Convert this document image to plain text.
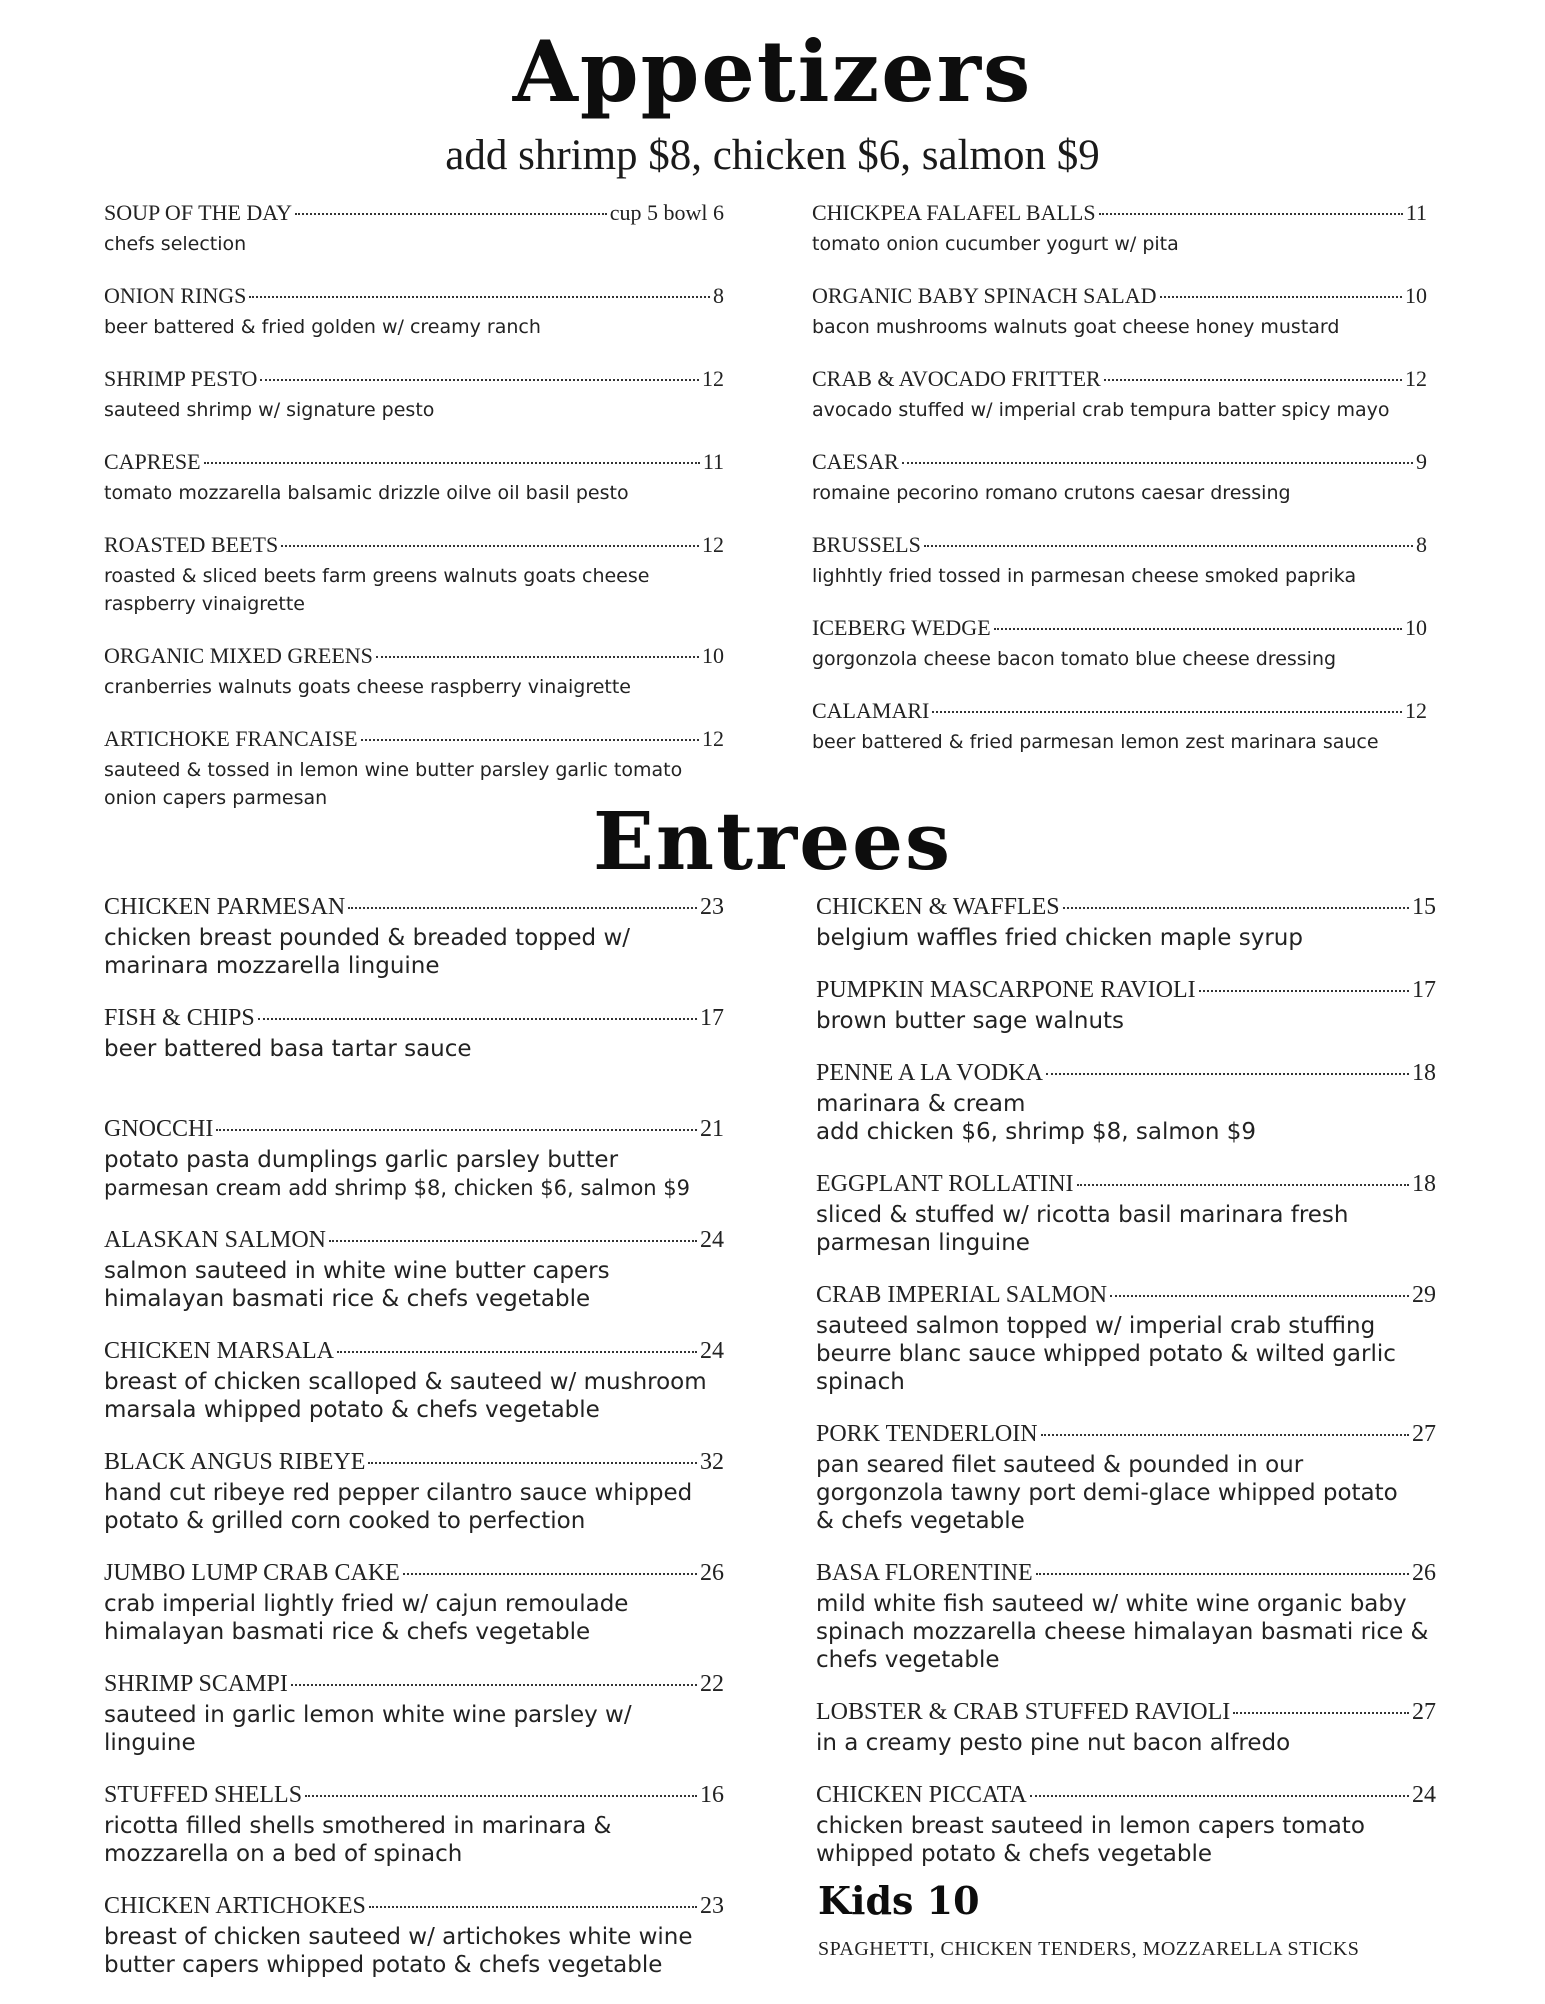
Appetizers
add shrimp $8, chicken $6, salmon $9
SOUP OF THE DAY	cup 5 bowl 6
chefs selection
ONION RINGS	8
beer battered & fried golden w/ creamy ranch
SHRIMP PESTO	12
sauteed shrimp w/ signature pesto
CAPRESE	11
tomato mozzarella balsamic drizzle oilve oil basil pesto
ROASTED BEETS	12
roasted & sliced beets farm greens walnuts goats cheese
raspberry vinaigrette
ORGANIC MIXED GREENS	10
cranberries walnuts goats cheese raspberry vinaigrette
ARTICHOKE FRANCAISE	12
sauteed & tossed in lemon wine butter parsley garlic tomato
onion capers parmesan
CHICKPEA FALAFEL BALLS	11
tomato onion cucumber yogurt w/ pita
ORGANIC BABY SPINACH SALAD	10
bacon mushrooms walnuts goat cheese honey mustard
CRAB & AVOCADO FRITTER	12
avocado stuffed w/ imperial crab tempura batter spicy mayo
CAESAR	9
romaine pecorino romano crutons caesar dressing
BRUSSELS	8
lighhtly fried tossed in parmesan cheese smoked paprika
ICEBERG WEDGE	10
gorgonzola cheese bacon tomato blue cheese dressing
CALAMARI	12
beer battered & fried parmesan lemon zest marinara sauce
Entrees
CHICKEN PARMESAN	23
chicken breast pounded & breaded topped w/
marinara mozzarella linguine
FISH & CHIPS	17
beer battered basa tartar sauce
GNOCCHI	21
potato pasta dumplings garlic parsley butter
parmesan cream add shrimp $8, chicken $6, salmon $9
ALASKAN SALMON	24
salmon sauteed in white wine butter capers
himalayan basmati rice & chefs vegetable
CHICKEN MARSALA	24
breast of chicken scalloped & sauteed w/ mushroom
marsala whipped potato & chefs vegetable
BLACK ANGUS RIBEYE	32
hand cut ribeye red pepper cilantro sauce whipped
potato & grilled corn cooked to perfection
JUMBO LUMP CRAB CAKE	26
crab imperial lightly fried w/ cajun remoulade
himalayan basmati rice & chefs vegetable
SHRIMP SCAMPI	22
sauteed in garlic lemon white wine parsley w/
linguine
STUFFED SHELLS	16
ricotta filled shells smothered in marinara &
mozzarella on a bed of spinach
CHICKEN ARTICHOKES	23
breast of chicken sauteed w/ artichokes white wine
butter capers whipped potato & chefs vegetable
CHICKEN & WAFFLES	15
belgium waffles fried chicken maple syrup
PUMPKIN MASCARPONE RAVIOLI	17
brown butter sage walnuts
PENNE A LA VODKA	18
marinara & cream
add chicken $6, shrimp $8, salmon $9
EGGPLANT ROLLATINI	18
sliced & stuffed w/ ricotta basil marinara fresh
parmesan linguine
CRAB IMPERIAL SALMON	29
sauteed salmon topped w/ imperial crab stuffing
beurre blanc sauce whipped potato & wilted garlic
spinach
PORK TENDERLOIN	27
pan seared filet sauteed & pounded in our
gorgonzola tawny port demi-glace whipped potato
& chefs vegetable
BASA FLORENTINE	26
mild white fish sauteed w/ white wine organic baby
spinach mozzarella cheese himalayan basmati rice &
chefs vegetable
LOBSTER & CRAB STUFFED RAVIOLI	27
in a creamy pesto pine nut bacon alfredo
CHICKEN PICCATA	24
chicken breast sauteed in lemon capers tomato
whipped potato & chefs vegetable
Kids 10
SPAGHETTI, CHICKEN TENDERS, MOZZARELLA STICKS
